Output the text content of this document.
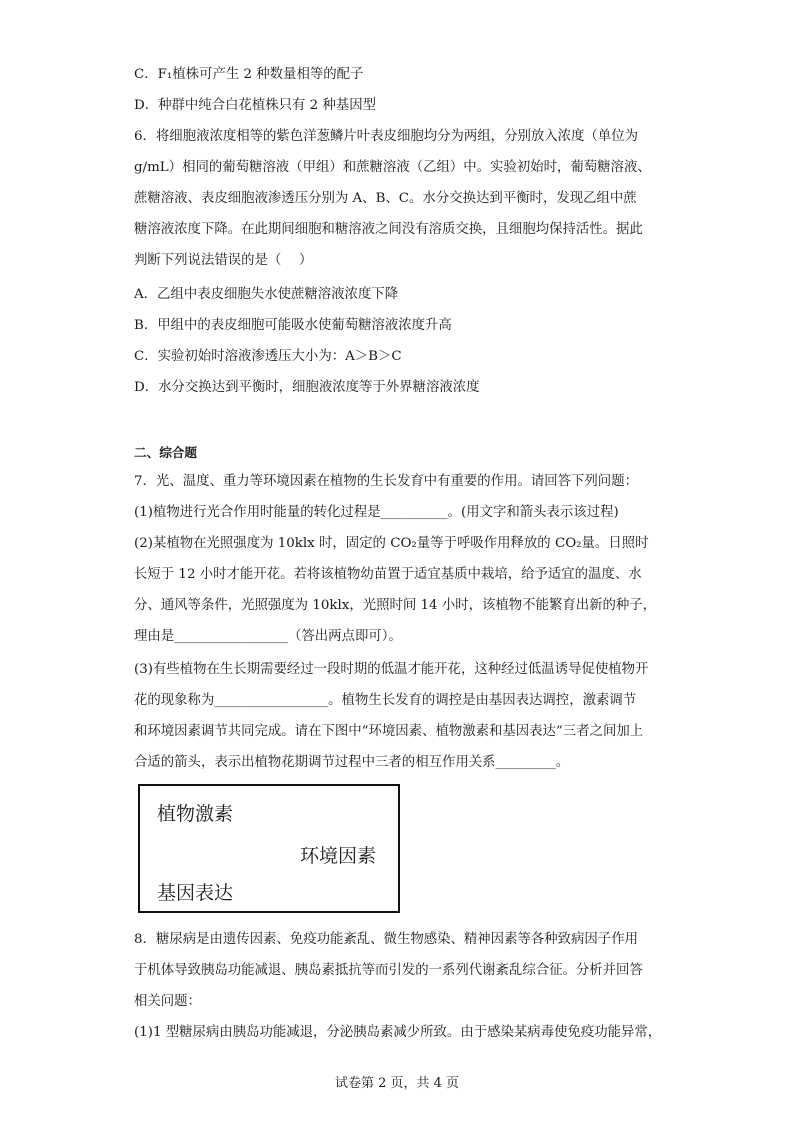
C．F₁植株可产生 2 种数量相等的配子
D．种群中纯合白花植株只有 2 种基因型
6．将细胞液浓度相等的紫色洋葱鳞片叶表皮细胞均分为两组，分别放入浓度（单位为
g/mL）相同的葡萄糖溶液（甲组）和蔗糖溶液（乙组）中。实验初始时，葡萄糖溶液、
蔗糖溶液、表皮细胞液渗透压分别为 A、B、C。水分交换达到平衡时，发现乙组中蔗
糖溶液浓度下降。在此期间细胞和糖溶液之间没有溶质交换，且细胞均保持活性。据此
判断下列说法错误的是（　 ）
A．乙组中表皮细胞失水使蔗糖溶液浓度下降
B．甲组中的表皮细胞可能吸水使葡萄糖溶液浓度升高
C．实验初始时溶液渗透压大小为：A＞B＞C
D．水分交换达到平衡时，细胞液浓度等于外界糖溶液浓度
二、综合题
7．光、温度、重力等环境因素在植物的生长发育中有重要的作用。请回答下列问题：
(1)植物进行光合作用时能量的转化过程是__________。(用文字和箭头表示该过程)
(2)某植物在光照强度为 10klx 时，固定的 CO₂量等于呼吸作用释放的 CO₂量。日照时
长短于 12 小时才能开花。若将该植物幼苗置于适宜基质中栽培，给予适宜的温度、水
分、通风等条件，光照强度为 10klx，光照时间 14 小时，该植物不能繁育出新的种子，
理由是_________________（答出两点即可）。
(3)有些植物在生长期需要经过一段时期的低温才能开花，这种经过低温诱导促使植物开
花的现象称为_________________。植物生长发育的调控是由基因表达调控，激素调节
和环境因素调节共同完成。请在下图中“环境因素、植物激素和基因表达”三者之间加上
合适的箭头，表示出植物花期调节过程中三者的相互作用关系_________。
植物激素
环境因素
基因表达
8．糖尿病是由遗传因素、免疫功能紊乱、微生物感染、精神因素等各种致病因子作用
于机体导致胰岛功能减退、胰岛素抵抗等而引发的一系列代谢紊乱综合征。分析并回答
相关问题：
(1)1 型糖尿病由胰岛功能减退，分泌胰岛素减少所致。由于感染某病毒使免疫功能异常，
试卷第 2 页，共 4 页
